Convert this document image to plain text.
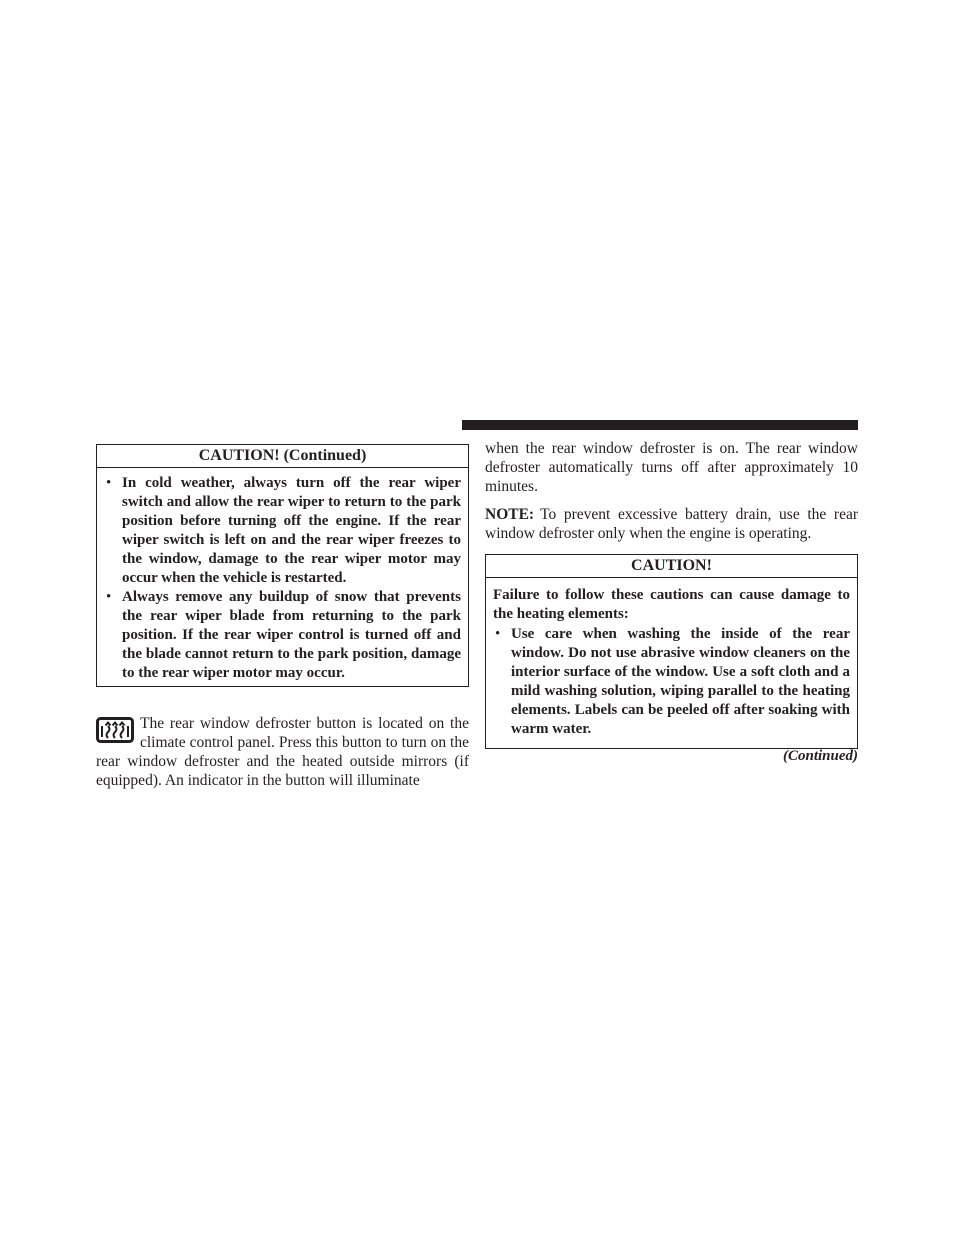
CAUTION! (Continued)
• In cold weather, always turn off the rear wiper switch and allow the rear wiper to return to the park position before turning off the engine. If the rear wiper switch is left on and the rear wiper freezes to the window, damage to the rear wiper motor may occur when the vehicle is restarted.
• Always remove any buildup of snow that prevents the rear wiper blade from returning to the park position. If the rear wiper control is turned off and the blade cannot return to the park position, damage to the rear wiper motor may occur.
The rear window defroster button is located on the climate control panel. Press this button to turn on the rear window defroster and the heated outside mirrors (if equipped). An indicator in the button will illuminate
when the rear window defroster is on. The rear window defroster automatically turns off after approximately 10 minutes.
NOTE: To prevent excessive battery drain, use the rear window defroster only when the engine is operating.
CAUTION!
Failure to follow these cautions can cause damage to the heating elements:
• Use care when washing the inside of the rear window. Do not use abrasive window cleaners on the interior surface of the window. Use a soft cloth and a mild washing solution, wiping parallel to the heating elements. Labels can be peeled off after soaking with warm water.
(Continued)
